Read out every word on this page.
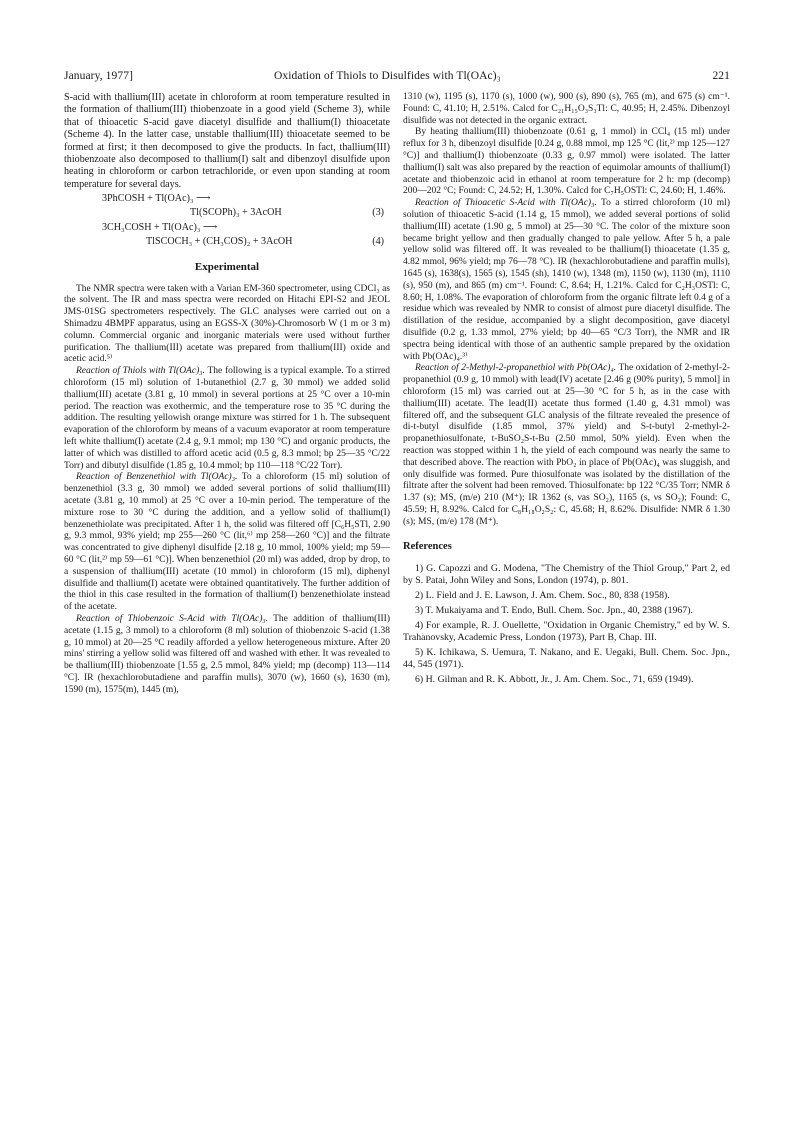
January, 1977]	Oxidation of Thiols to Disulfides with Tl(OAc)₃	221

S-acid with thallium(III) acetate in chloroform at room temperature resulted in the formation of thallium(III) thiobenzoate in a good yield (Scheme 3), while that of thioacetic S-acid gave diacetyl disulfide and thallium(I) thioacetate (Scheme 4). In the latter case, unstable thallium(III) thioacetate seemed to be formed at first; it then decomposed to give the products. In fact, thallium(III) thiobenzoate also decomposed to thallium(I) salt and dibenzoyl disulfide upon heating in chloroform or carbon tetrachloride, or even upon standing at room temperature for several days.

3PhCOSH + Tl(OAc)₃ ⟶
Tl(SCOPh)₃ + 3AcOH	(3)
3CH₃COSH + Tl(OAc)₃ ⟶
TlSCOCH₃ + (CH₃COS)₂ + 3AcOH	(4)
Experimental

The NMR spectra were taken with a Varian EM-360 spectrometer, using CDCl₃ as the solvent. The IR and mass spectra were recorded on Hitachi EPI-S2 and JEOL JMS-01SG spectrometers respectively. The GLC analyses were carried out on a Shimadzu 4BMPF apparatus, using an EGSS-X (30%)-Chromosorb W (1 m or 3 m) column. Commercial organic and inorganic materials were used without further purification. The thallium(III) acetate was prepared from thallium(III) oxide and acetic acid.⁵⁾

Reaction of Thiols with Tl(OAc)₃. The following is a typical example. To a stirred chloroform (15 ml) solution of 1-butanethiol (2.7 g, 30 mmol) we added solid thallium(III) acetate (3.81 g, 10 mmol) in several portions at 25 °C over a 10-min period. The reaction was exothermic, and the temperature rose to 35 °C during the addition. The resulting yellowish orange mixture was stirred for 1 h. The subsequent evaporation of the chloroform by means of a vacuum evaporator at room temperature left white thallium(I) acetate (2.4 g, 9.1 mmol; mp 130 °C) and organic products, the latter of which was distilled to afford acetic acid (0.5 g, 8.3 mmol; bp 25—35 °C/22 Torr) and dibutyl disulfide (1.85 g, 10.4 mmol; bp 110—118 °C/22 Torr).

Reaction of Benzenethiol with Tl(OAc)₃. To a chloroform (15 ml) solution of benzenethiol (3.3 g, 30 mmol) we added several portions of solid thallium(III) acetate (3.81 g, 10 mmol) at 25 °C over a 10-min period. The temperature of the mixture rose to 30 °C during the addition, and a yellow solid of thallium(I) benzenethiolate was precipitated. After 1 h, the solid was filtered off [C₆H₅STl, 2.90 g, 9.3 mmol, 93% yield; mp 255—260 °C (lit,⁶⁾ mp 258—260 °C)] and the filtrate was concentrated to give diphenyl disulfide [2.18 g, 10 mmol, 100% yield; mp 59—60 °C (lit,²⁾ mp 59—61 °C)]. When benzenethiol (20 ml) was added, drop by drop, to a suspension of thallium(III) acetate (10 mmol) in chloroform (15 ml), diphenyl disulfide and thallium(I) acetate were obtained quantitatively. The further addition of the thiol in this case resulted in the formation of thallium(I) benzenethiolate instead of the acetate.

Reaction of Thiobenzoic S-Acid with Tl(OAc)₃. The addition of thallium(III) acetate (1.15 g, 3 mmol) to a chloroform (8 ml) solution of thiobenzoic S-acid (1.38 g, 10 mmol) at 20—25 °C readily afforded a yellow heterogeneous mixture. After 20 mins' stirring a yellow solid was filtered off and washed with ether. It was revealed to be thallium(III) thiobenzoate [1.55 g, 2.5 mmol, 84% yield; mp (decomp) 113—114 °C]. IR (hexachlorobutadiene and paraffin mulls), 3070 (w), 1660 (s), 1630 (m), 1590 (m), 1575(m), 1445 (m),

1310 (w), 1195 (s), 1170 (s), 1000 (w), 900 (s), 890 (s), 765 (m), and 675 (s) cm⁻¹. Found: C, 41.10; H, 2.51%. Calcd for C₂₁H₁₅O₃S₃Tl: C, 40.95; H, 2.45%. Dibenzoyl disulfide was not detected in the organic extract.

By heating thallium(III) thiobenzoate (0.61 g, 1 mmol) in CCl₄ (15 ml) under reflux for 3 h, dibenzoyl disulfide [0.24 g, 0.88 mmol, mp 125 °C (lit,²⁾ mp 125—127 °C)] and thallium(I) thiobenzoate (0.33 g, 0.97 mmol) were isolated. The latter thallium(I) salt was also prepared by the reaction of equimolar amounts of thallium(I) acetate and thiobenzoic acid in ethanol at room temperature for 2 h: mp (decomp) 200—202 °C; Found: C, 24.52; H, 1.30%. Calcd for C₇H₅OSTl: C, 24.60; H, 1.46%.

Reaction of Thioacetic S-Acid with Tl(OAc)₃. To a stirred chloroform (10 ml) solution of thioacetic S-acid (1.14 g, 15 mmol), we added several portions of solid thallium(III) acetate (1.90 g, 5 mmol) at 25—30 °C. The color of the mixture soon became bright yellow and then gradually changed to pale yellow. After 5 h, a pale yellow solid was filtered off. It was revealed to be thallium(I) thioacetate (1.35 g, 4.82 mmol, 96% yield; mp 76—78 °C). IR (hexachlorobutadiene and paraffin mulls), 1645 (s), 1638(s), 1565 (s), 1545 (sh), 1410 (w), 1348 (m), 1150 (w), 1130 (m), 1110 (s), 950 (m), and 865 (m) cm⁻¹. Found: C, 8.64; H, 1.21%. Calcd for C₂H₃OSTl: C, 8.60; H, 1.08%. The evaporation of chloroform from the organic filtrate left 0.4 g of a residue which was revealed by NMR to consist of almost pure diacetyl disulfide. The distillation of the residue, accompanied by a slight decomposition, gave diacetyl disulfide (0.2 g, 1.33 mmol, 27% yield; bp 40—65 °C/3 Torr), the NMR and IR spectra being identical with those of an authentic sample prepared by the oxidation with Pb(OAc)₄.³⁾

Reaction of 2-Methyl-2-propanethiol with Pb(OAc)₄. The oxidation of 2-methyl-2-propanethiol (0.9 g, 10 mmol) with lead(IV) acetate [2.46 g (90% purity), 5 mmol] in chloroform (15 ml) was carried out at 25—30 °C for 5 h, as in the case with thallium(III) acetate. The lead(II) acetate thus formed (1.40 g, 4.31 mmol) was filtered off, and the subsequent GLC analysis of the filtrate revealed the presence of di-t-butyl disulfide (1.85 mmol, 37% yield) and S-t-butyl 2-methyl-2-propanethiosulfonate, t-BuSO₂S-t-Bu (2.50 mmol, 50% yield). Even when the reaction was stopped within 1 h, the yield of each compound was nearly the same to that described above. The reaction with PbO₂ in place of Pb(OAc)₄ was sluggish, and only disulfide was formed. Pure thiosulfonate was isolated by the distillation of the filtrate after the solvent had been removed. Thiosulfonate: bp 122 °C/35 Torr; NMR δ 1.37 (s); MS, (m/e) 210 (M⁺); IR 1362 (s, νas SO₂), 1165 (s, νs SO₂); Found: C, 45.59; H, 8.92%. Calcd for C₈H₁₈O₂S₂: C, 45.68; H, 8.62%. Disulfide: NMR δ 1.30 (s); MS, (m/e) 178 (M⁺).

References

1) G. Capozzi and G. Modena, "The Chemistry of the Thiol Group," Part 2, ed by S. Patai, John Wiley and Sons, London (1974), p. 801.

2) L. Field and J. E. Lawson, J. Am. Chem. Soc., 80, 838 (1958).

3) T. Mukaiyama and T. Endo, Bull. Chem. Soc. Jpn., 40, 2388 (1967).

4) For example, R. J. Ouellette, "Oxidation in Organic Chemistry," ed by W. S. Trahanovsky, Academic Press, London (1973), Part B, Chap. III.

5) K. Ichikawa, S. Uemura, T. Nakano, and E. Uegaki, Bull. Chem. Soc. Jpn., 44, 545 (1971).

6) H. Gilman and R. K. Abbott, Jr., J. Am. Chem. Soc., 71, 659 (1949).
